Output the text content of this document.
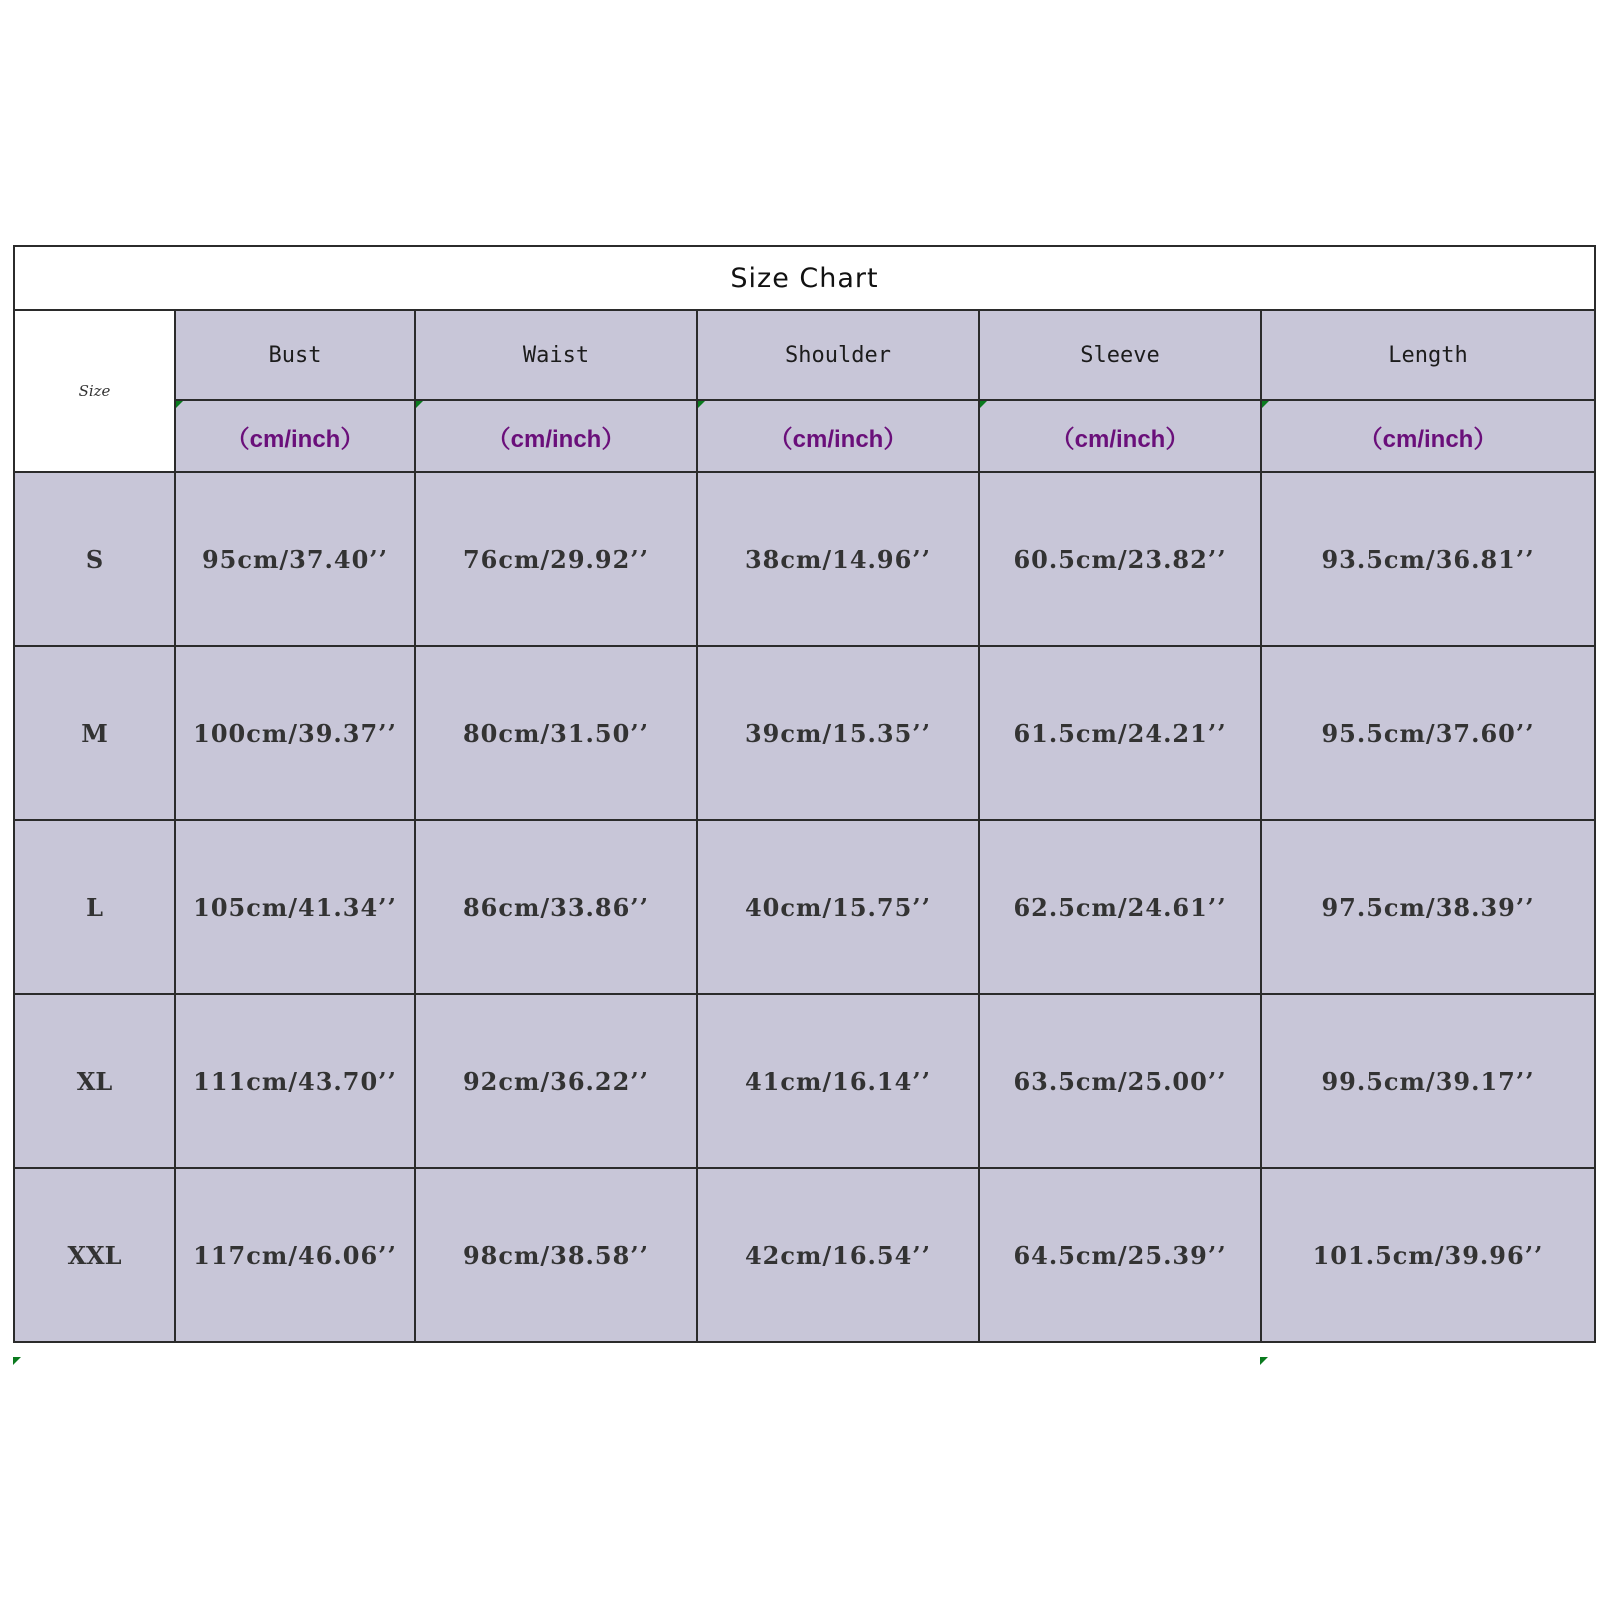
Size Chart					
Size	Bust	Waist	Shoulder	Sleeve	Length

（cm/inch）	（cm/inch）	（cm/inch）	（cm/inch）	（cm/inch）
S	95cm/37.40’’	76cm/29.92’’	38cm/14.96’’	60.5cm/23.82’’	93.5cm/36.81’’
M	100cm/39.37’’	80cm/31.50’’	39cm/15.35’’	61.5cm/24.21’’	95.5cm/37.60’’
L	105cm/41.34’’	86cm/33.86’’	40cm/15.75’’	62.5cm/24.61’’	97.5cm/38.39’’
XL	111cm/43.70’’	92cm/36.22’’	41cm/16.14’’	63.5cm/25.00’’	99.5cm/39.17’’
XXL	117cm/46.06’’	98cm/38.58’’	42cm/16.54’’	64.5cm/25.39’’	101.5cm/39.96’’
